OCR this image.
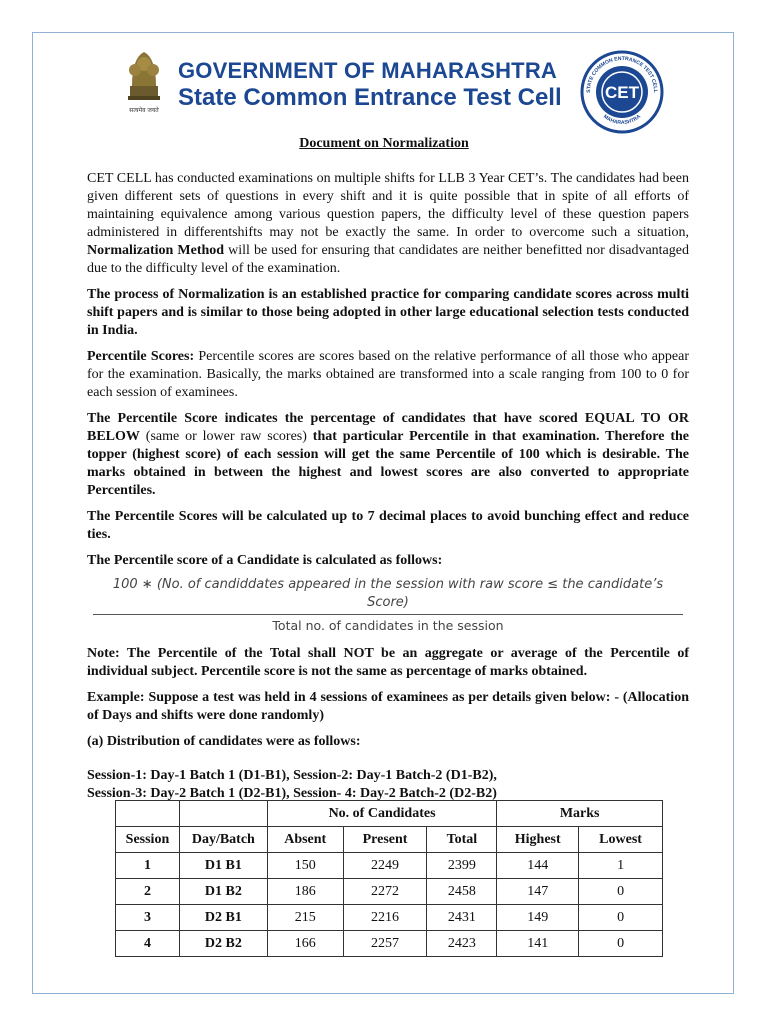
सत्यमेव जयते
GOVERNMENT OF MAHARASHTRA
State Common Entrance Test Cell	CET
STATE COMMON ENTRANCE TEST CELL
MAHARASHTRA
Document on Normalization

CET CELL has conducted examinations on multiple shifts for LLB 3 Year CET’s. The candidates had been given different sets of questions in every shift and it is quite possible that in spite of all efforts of maintaining equivalence among various question papers, the difficulty level of these question papers administered in differentshifts may not be exactly the same. In order to overcome such a situation, Normalization Method will be used for ensuring that candidates are neither benefitted nor disadvantaged due to the difficulty level of the examination.

The process of Normalization is an established practice for comparing candidate scores across multi shift papers and is similar to those being adopted in other large educational selection tests conducted in India.

Percentile Scores: Percentile scores are scores based on the relative performance of all those who appear for the examination. Basically, the marks obtained are transformed into a scale ranging from 100 to 0 for each session of examinees.

The Percentile Score indicates the percentage of candidates that have scored EQUAL TO OR BELOW (same or lower raw scores) that particular Percentile in that examination. Therefore the topper (highest score) of each session will get the same Percentile of 100 which is desirable. The marks obtained in between the highest and lowest scores are also converted to appropriate Percentiles.

The Percentile Scores will be calculated up to 7 decimal places to avoid bunching effect and reduce ties.

The Percentile score of a Candidate is calculated as follows:

100 ∗ (No. of candiddates appeared in the session with raw score ≤ the candidate’s Score)
Total no. of candidates in the session

Note: The Percentile of the Total shall NOT be an aggregate or average of the Percentile of individual subject. Percentile score is not the same as percentage of marks obtained.

Example: Suppose a test was held in 4 sessions of examinees as per details given below: - (Allocation of Days and shifts were done randomly)

(a) Distribution of candidates were as follows:

Session-1: Day-1 Batch 1 (D1-B1), Session-2: Day-1 Batch-2 (D1-B2),

Session-3: Day-2 Batch 1 (D2-B1), Session- 4: Day-2 Batch-2 (D2-B2)

		No. of Candidates			Marks	
Session	Day/Batch	Absent	Present	Total	Highest	Lowest
1	D1 B1	150	2249	2399	144	1
2	D1 B2	186	2272	2458	147	0
3	D2 B1	215	2216	2431	149	0
4	D2 B2	166	2257	2423	141	0
